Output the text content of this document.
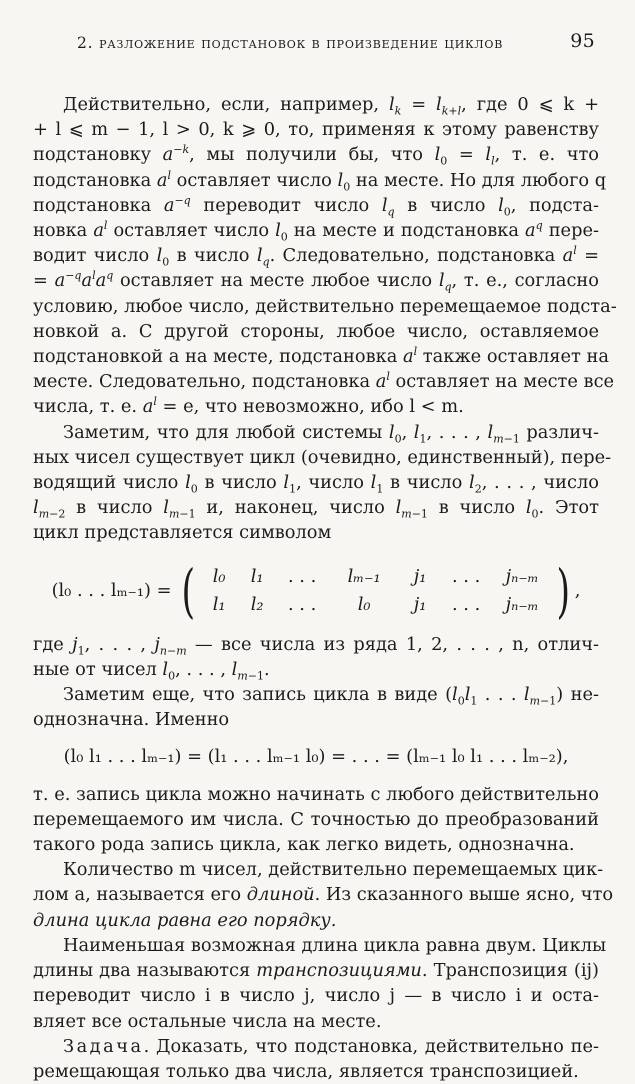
2. разложение подстановок в произведение циклов	95
Действительно, если, например, $l_k = l_{k+l}$, где 0 ⩽ k +
+ l ⩽ m − 1, l > 0, k ⩾ 0, то, применяя к этому равенству
подстановку $a^{-k}$, мы получили бы, что $l_0 = l_l$, т. е. что
подстановка $a^l$ оставляет число $l_0$ на месте. Но для любого q
подстановка $a^{-q}$ переводит число $l_q$ в число $l_0$, подста-
новка $a^l$ оставляет число $l_0$ на месте и подстановка $a^q$ пере-
водит число $l_0$ в число $l_q$. Следовательно, подстановка $a^l$ =
= $a^{-q}a^la^q$ оставляет на месте любое число $l_q$, т. е., согласно
условию, любое число, действительно перемещаемое подста-
новкой a. С другой стороны, любое число, оставляемое
подстановкой a на месте, подстановка $a^l$ также оставляет на
месте. Следовательно, подстановка $a^l$ оставляет на месте все
числа, т. е. $a^l = e$, что невозможно, ибо l < m.
Заметим, что для любой системы $l_0$, $l_1$, . . . , $l_{m-1}$ различ-
ных чисел существует цикл (очевидно, единственный), пере-
водящий число $l_0$ в число $l_1$, число $l_1$ в число $l_2$, . . . , число
$l_{m-2}$ в число $l_{m-1}$ и, наконец, число $l_{m-1}$ в число $l_0$. Этот
цикл представляется символом
(l₀ . . . lₘ₋₁) = ( l₀	l₁	. . .	lₘ₋₁	j₁	. . .	jₙ₋ₘ
l₁	l₂	. . .	l₀	j₁	. . .	jₙ₋ₘ ) ,
где $j_1$, . . . , $j_{n-m}$ — все числа из ряда 1, 2, . . . , n, отлич-
ные от чисел $l_0$, . . . , $l_{m-1}$.
Заметим еще, что запись цикла в виде ($l_0l_1$ . . . $l_{m-1}$) не-
однозначна. Именно
(l₀ l₁ . . . lₘ₋₁) = (l₁ . . . lₘ₋₁ l₀) = . . . = (lₘ₋₁ l₀ l₁ . . . lₘ₋₂),
т. е. запись цикла можно начинать с любого действительно
перемещаемого им числа. С точностью до преобразований
такого рода запись цикла, как легко видеть, однозначна.
Количество m чисел, действительно перемещаемых цик-
лом a, называется его длиной. Из сказанного выше ясно, что
длина цикла равна его порядку.
Наименьшая возможная длина цикла равна двум. Циклы
длины два называются транспозициями. Транспозиция (ij)
переводит число i в число j, число j — в число i и оста-
вляет все остальные числа на месте.
Задача. Доказать, что подстановка, действительно пе-
ремещающая только два числа, является транспозицией.
